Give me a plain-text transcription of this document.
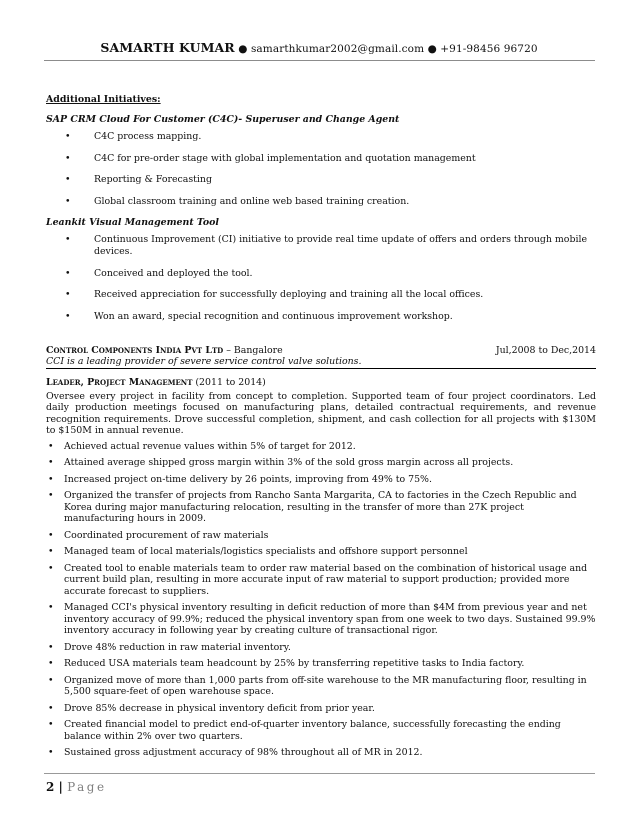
SAMARTH KUMAR ● samarthkumar2002@gmail.com ● +91-98456 96720
Additional Initiatives:
SAP CRM Cloud For Customer (C4C)- Superuser and Change Agent
• C4C process mapping.
• C4C for pre-order stage with global implementation and quotation management
• Reporting & Forecasting
• Global classroom training and online web based training creation.
Leankit Visual Management Tool
• Continuous Improvement (CI) initiative to provide real time update of offers and orders through mobile devices.
• Conceived and deployed the tool.
• Received appreciation for successfully deploying and training all the local offices.
• Won an award, special recognition and continuous improvement workshop.
Control Components India Pvt Ltd – Bangalore	Jul,2008 to Dec,2014
CCI is a leading provider of severe service control valve solutions.
Leader, Project Management (2011 to 2014)

Oversee every project in facility from concept to completion. Supported team of four project coordinators. Led daily production meetings focused on manufacturing plans, detailed contractual requirements, and revenue recognition requirements. Drove successful completion, shipment, and cash collection for all projects with $130M to $150M in annual revenue.

• Achieved actual revenue values within 5% of target for 2012.
• Attained average shipped gross margin within 3% of the sold gross margin across all projects.
• Increased project on-time delivery by 26 points, improving from 49% to 75%.
• Organized the transfer of projects from Rancho Santa Margarita, CA to factories in the Czech Republic and Korea during major manufacturing relocation, resulting in the transfer of more than 27K project manufacturing hours in 2009.
• Coordinated procurement of raw materials
• Managed team of local materials/logistics specialists and offshore support personnel
• Created tool to enable materials team to order raw material based on the combination of historical usage and current build plan, resulting in more accurate input of raw material to support production; provided more accurate forecast to suppliers.
• Managed CCI's physical inventory resulting in deficit reduction of more than $4M from previous year and net inventory accuracy of 99.9%; reduced the physical inventory span from one week to two days. Sustained 99.9% inventory accuracy in following year by creating culture of transactional rigor.
• Drove 48% reduction in raw material inventory.
• Reduced USA materials team headcount by 25% by transferring repetitive tasks to India factory.
• Organized move of more than 1,000 parts from off-site warehouse to the MR manufacturing floor, resulting in 5,500 square-feet of open warehouse space.
• Drove 85% decrease in physical inventory deficit from prior year.
• Created financial model to predict end-of-quarter inventory balance, successfully forecasting the ending balance within 2% over two quarters.
• Sustained gross adjustment accuracy of 98% throughout all of MR in 2012.
2 | Page
